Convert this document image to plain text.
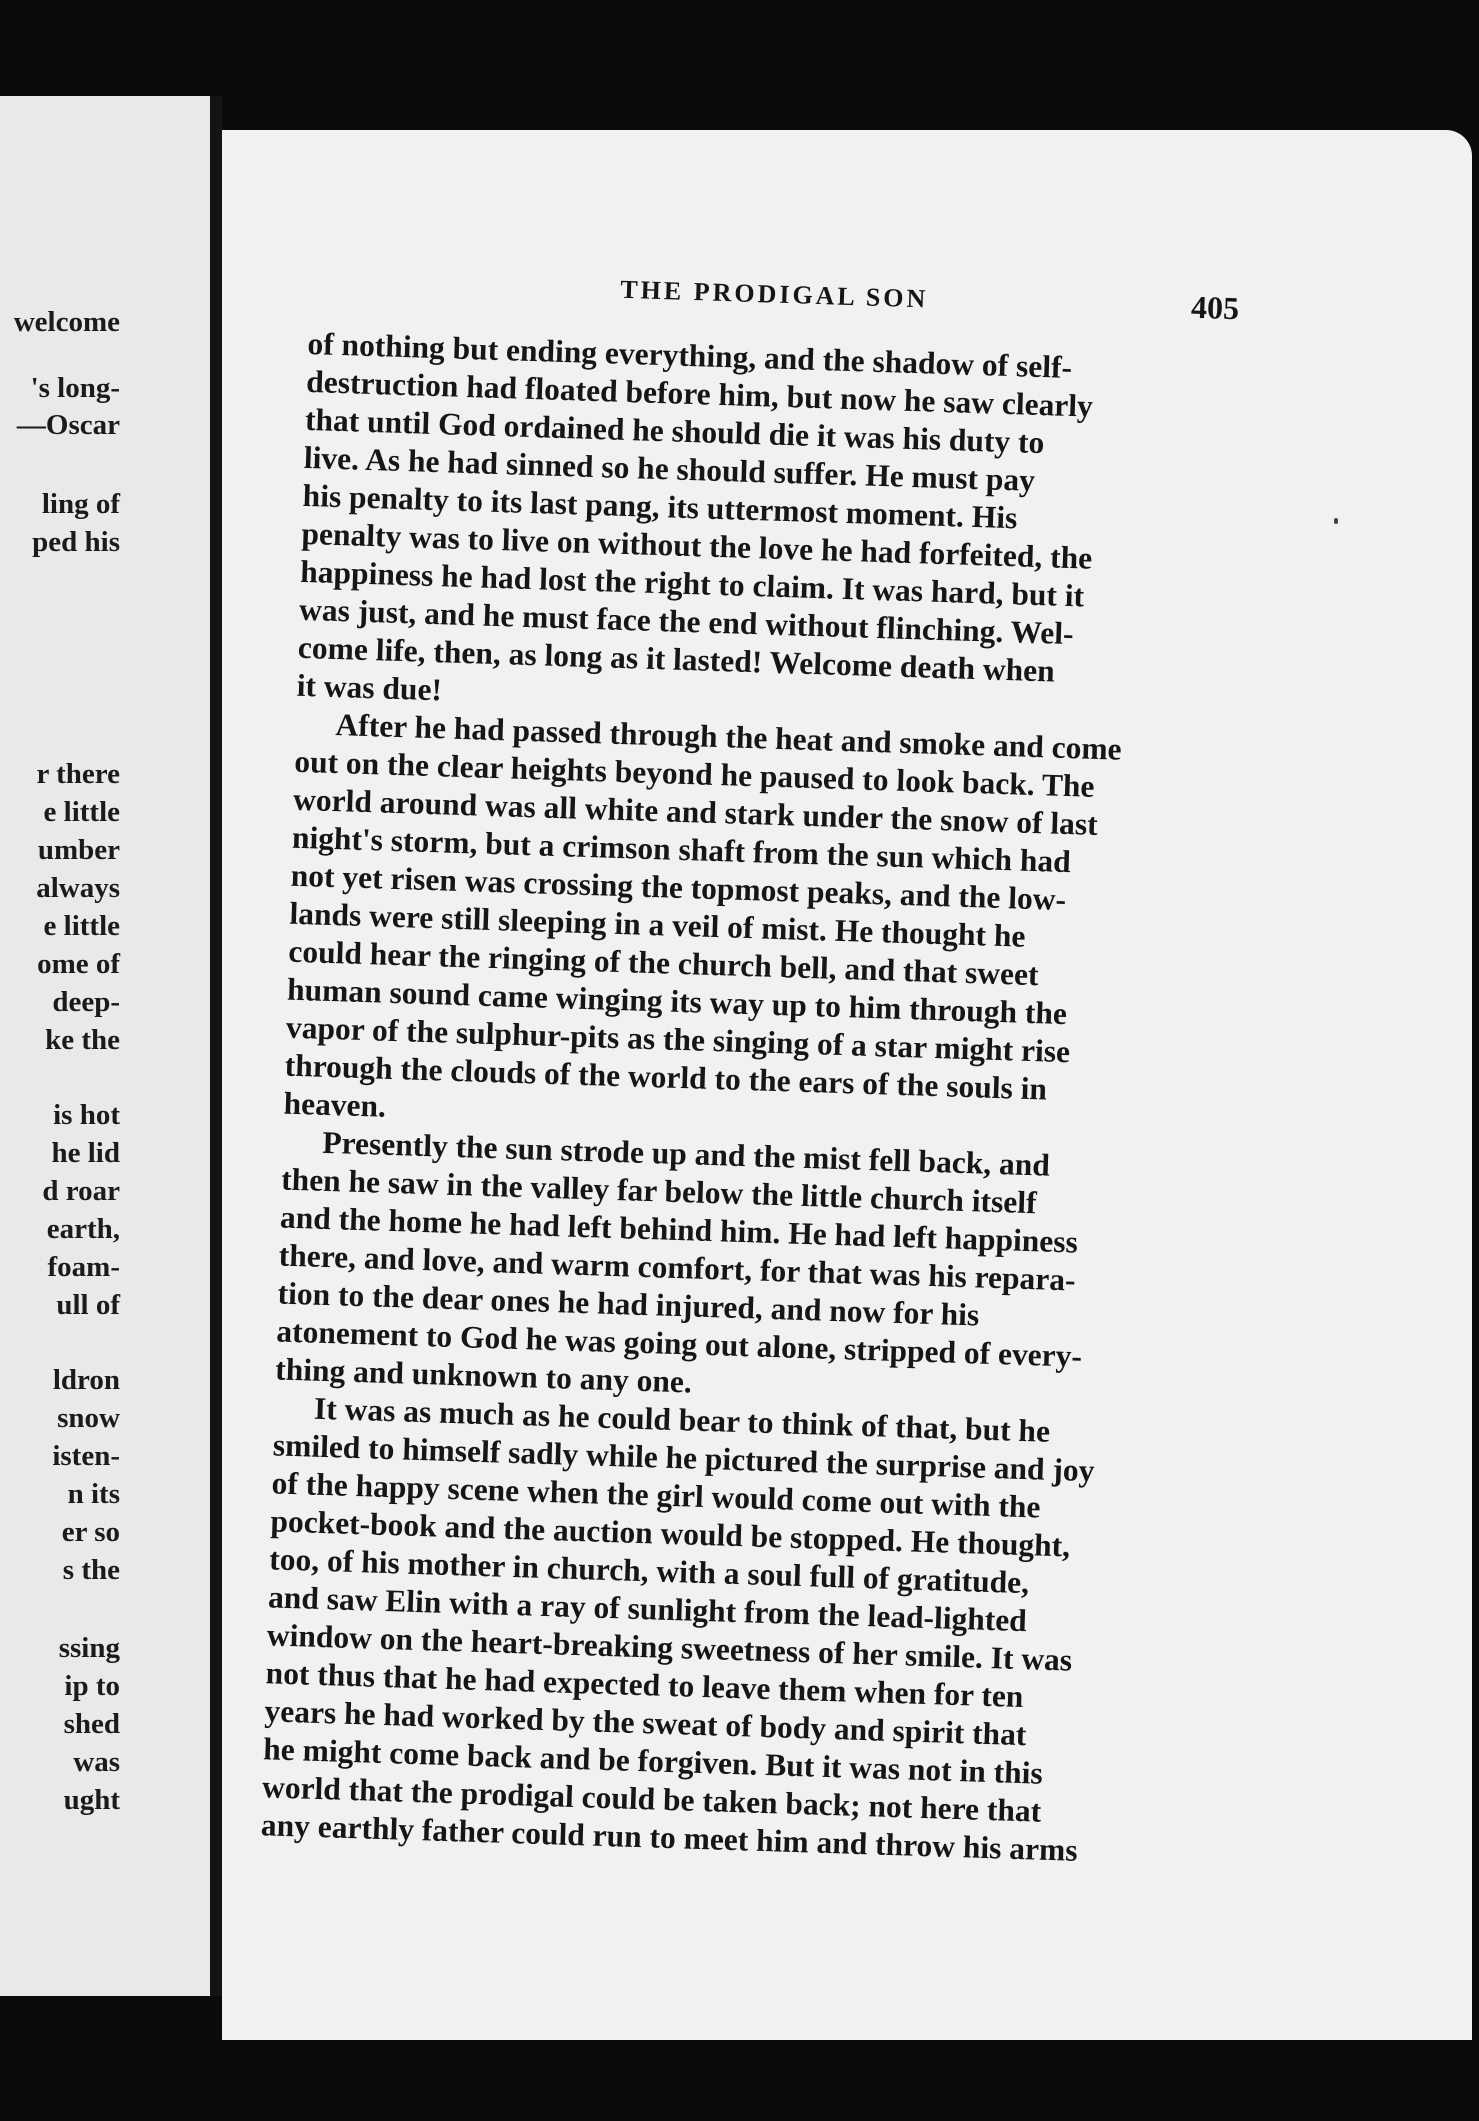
welcome
's long-
—Oscar
ling of
ped his
r there
e little
umber
always
e little
ome of
deep-
ke the
is hot
he lid
d roar
earth,
foam-
ull of
ldron
snow
isten-
n its
er so
s the
ssing
ip to
shed
was
ught
THE PRODIGAL SON	405

of nothing but ending everything, and the shadow of self-
destruction had floated before him, but now he saw clearly
that until God ordained he should die it was his duty to
live. As he had sinned so he should suffer. He must pay
his penalty to its last pang, its uttermost moment. His
penalty was to live on without the love he had forfeited, the
happiness he had lost the right to claim. It was hard, but it
was just, and he must face the end without flinching. Wel-
come life, then, as long as it lasted! Welcome death when
it was due!

After he had passed through the heat and smoke and come
out on the clear heights beyond he paused to look back. The
world around was all white and stark under the snow of last
night's storm, but a crimson shaft from the sun which had
not yet risen was crossing the topmost peaks, and the low-
lands were still sleeping in a veil of mist. He thought he
could hear the ringing of the church bell, and that sweet
human sound came winging its way up to him through the
vapor of the sulphur-pits as the singing of a star might rise
through the clouds of the world to the ears of the souls in
heaven.

Presently the sun strode up and the mist fell back, and
then he saw in the valley far below the little church itself
and the home he had left behind him. He had left happiness
there, and love, and warm comfort, for that was his repara-
tion to the dear ones he had injured, and now for his
atonement to God he was going out alone, stripped of every-
thing and unknown to any one.

It was as much as he could bear to think of that, but he
smiled to himself sadly while he pictured the surprise and joy
of the happy scene when the girl would come out with the
pocket-book and the auction would be stopped. He thought,
too, of his mother in church, with a soul full of gratitude,
and saw Elin with a ray of sunlight from the lead-lighted
window on the heart-breaking sweetness of her smile. It was
not thus that he had expected to leave them when for ten
years he had worked by the sweat of body and spirit that
he might come back and be forgiven. But it was not in this
world that the prodigal could be taken back; not here that
any earthly father could run to meet him and throw his arms
